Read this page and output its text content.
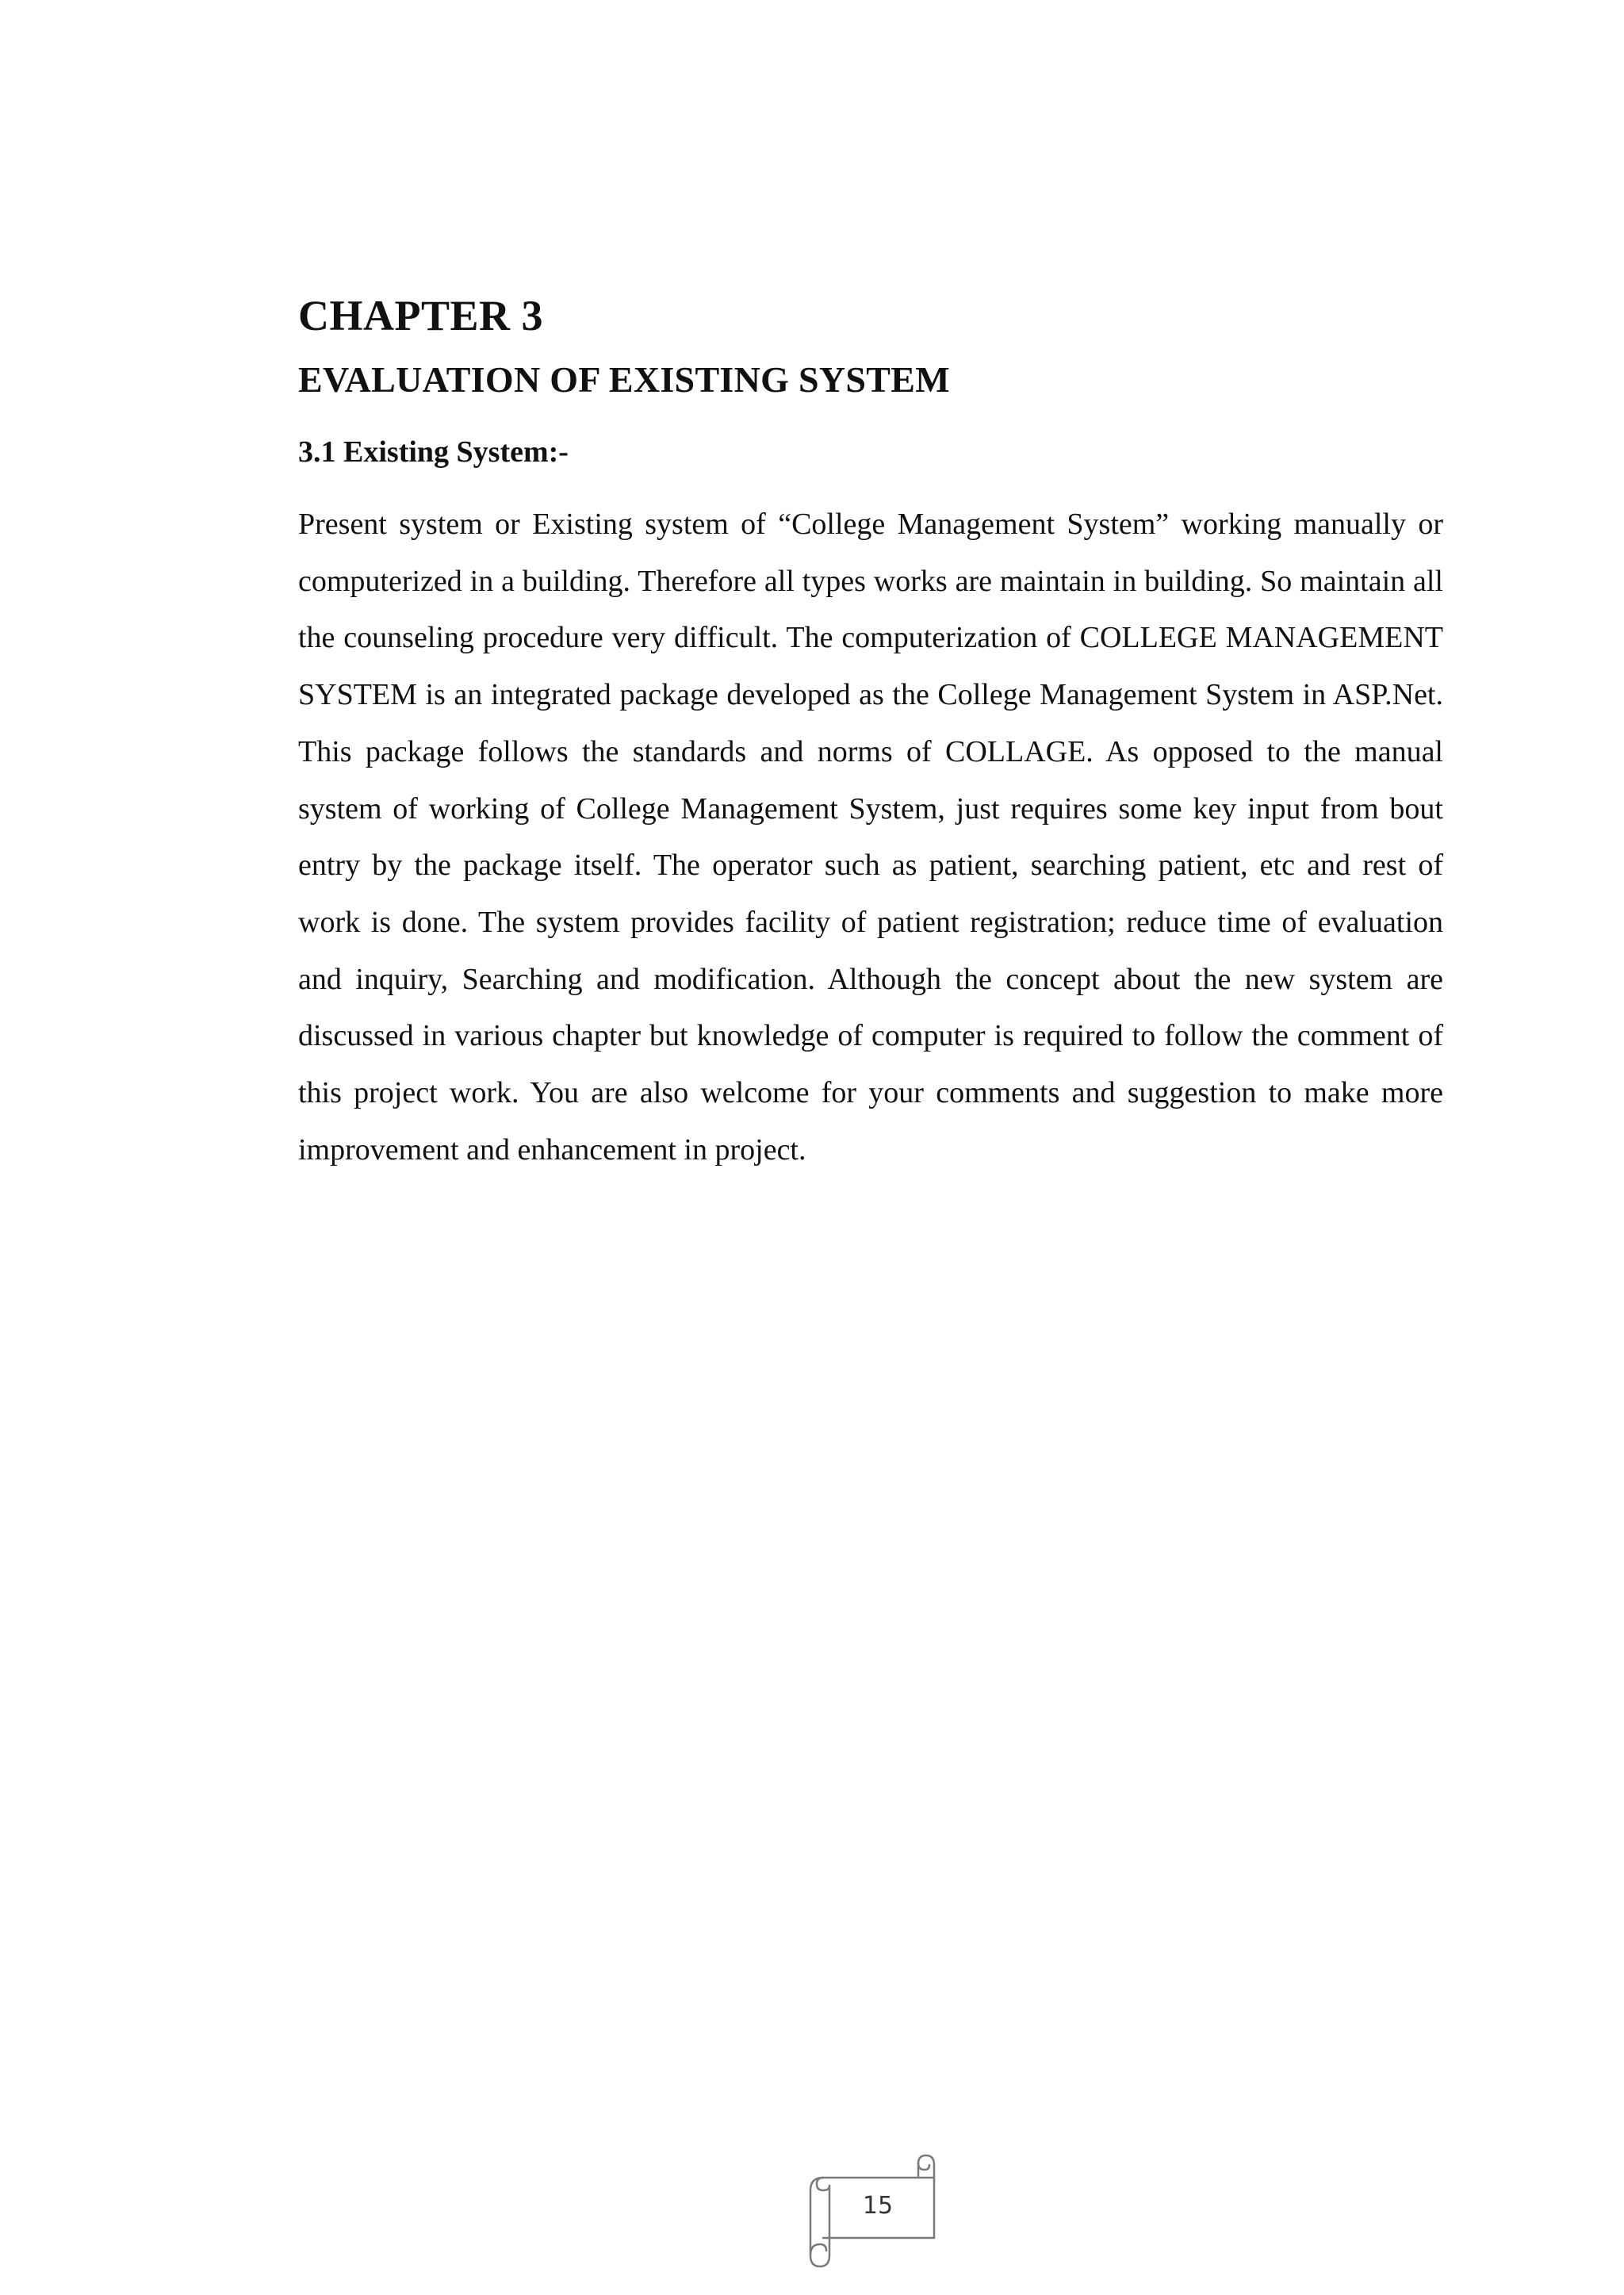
CHAPTER 3
EVALUATION OF EXISTING SYSTEM
3.1 Existing System:-

Present system or Existing system of “College Management System” working manually or computerized in a building. Therefore all types works are maintain in building. So maintain all the counseling procedure very difficult. The computerization of COLLEGE MANAGEMENT SYSTEM is an integrated package developed as the College Management System in ASP.Net. This package follows the standards and norms of COLLAGE. As opposed to the manual system of working of College Management System, just requires some key input from bout entry by the package itself. The operator such as patient, searching patient, etc and rest of work is done. The system provides facility of patient registration; reduce time of evaluation and inquiry, Searching and modification. Although the concept about the new system are discussed in various chapter but knowledge of computer is required to follow the comment of this project work. You are also welcome for your comments and suggestion to make more improvement and enhancement in project.

15
